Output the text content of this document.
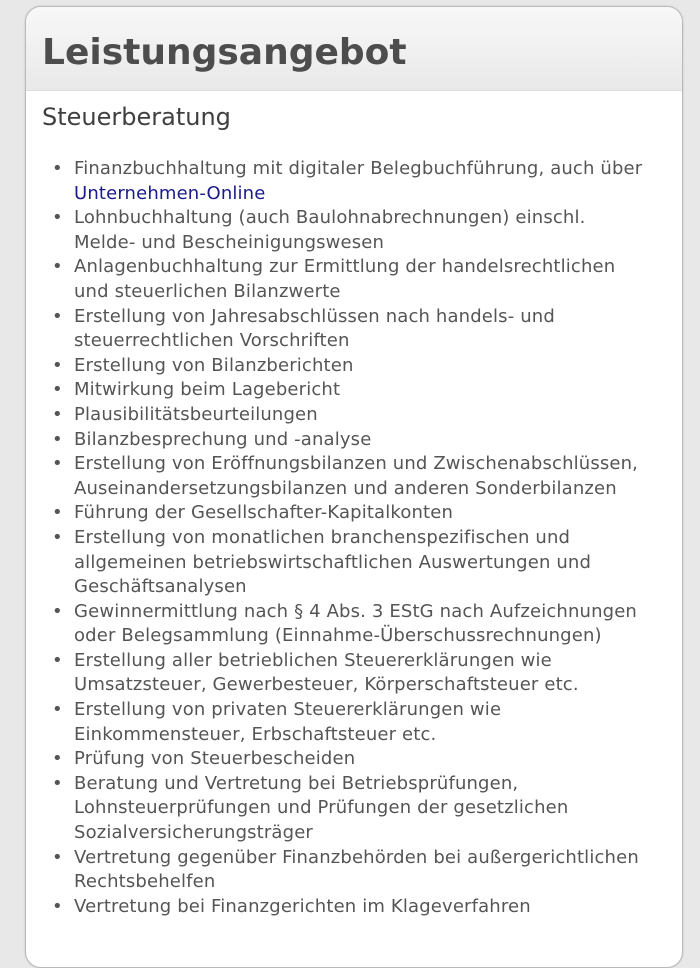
Leistungsangebot
Steuerberatung
• Finanzbuchhaltung mit digitaler Belegbuchführung, auch über Unternehmen-Online
• Lohnbuchhaltung (auch Baulohnabrechnungen) einschl. Melde- und Bescheinigungswesen
• Anlagenbuchhaltung zur Ermittlung der handelsrechtlichen und steuerlichen Bilanzwerte
• Erstellung von Jahresabschlüssen nach handels- und steuerrechtlichen Vorschriften
• Erstellung von Bilanzberichten
• Mitwirkung beim Lagebericht
• Plausibilitätsbeurteilungen
• Bilanzbesprechung und -analyse
• Erstellung von Eröffnungsbilanzen und Zwischenabschlüssen, Auseinandersetzungsbilanzen und anderen Sonderbilanzen
• Führung der Gesellschafter-Kapitalkonten
• Erstellung von monatlichen branchenspezifischen und allgemeinen betriebswirtschaftlichen Auswertungen und Geschäftsanalysen
• Gewinnermittlung nach § 4 Abs. 3 EStG nach Aufzeichnungen oder Belegsammlung (Einnahme-Überschussrechnungen)
• Erstellung aller betrieblichen Steuererklärungen wie Umsatzsteuer, Gewerbesteuer, Körperschaftsteuer etc.
• Erstellung von privaten Steuererklärungen wie Einkommensteuer, Erbschaftsteuer etc.
• Prüfung von Steuerbescheiden
• Beratung und Vertretung bei Betriebsprüfungen, Lohnsteuerprüfungen und Prüfungen der gesetzlichen Sozialversicherungsträger
• Vertretung gegenüber Finanzbehörden bei außergerichtlichen Rechtsbehelfen
• Vertretung bei Finanzgerichten im Klageverfahren
